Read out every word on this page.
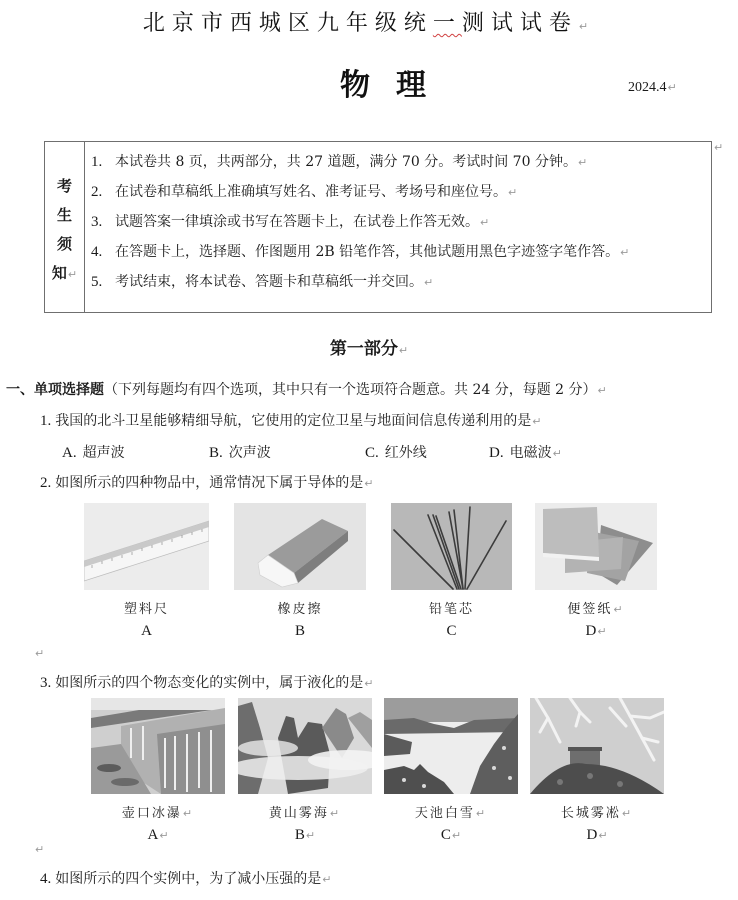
北京市西城区九年级统一测试试卷↵
物理	2024.4↵
考
生
须
知↵
1. 本试卷共 8 页，共两部分，共 27 道题，满分 70 分。考试时间 70 分钟。↵
2. 在试卷和草稿纸上准确填写姓名、准考证号、考场号和座位号。↵
3. 试题答案一律填涂或书写在答题卡上，在试卷上作答无效。↵
4. 在答题卡上，选择题、作图题用 2B 铅笔作答，其他试题用黑色字迹签字笔作答。↵
5. 考试结束，将本试卷、答题卡和草稿纸一并交回。↵
↵
第一部分↵
一、单项选择题（下列每题均有四个选项，其中只有一个选项符合题意。共 24 分，每题 2 分）↵
1. 我国的北斗卫星能够精细导航，它使用的定位卫星与地面间信息传递利用的是↵
A. 超声波	B. 次声波	C. 红外线	D. 电磁波↵
2. 如图所示的四种物品中，通常情况下属于导体的是↵
塑料尺
A
橡皮擦
B
铅笔芯
C
便签纸↵
D↵
↵
3. 如图所示的四个物态变化的实例中，属于液化的是↵
壶口冰瀑↵
A↵
黄山雾海↵
B↵
天池白雪↵
C↵
长城雾凇↵
D↵
↵
4. 如图所示的四个实例中，为了减小压强的是↵
